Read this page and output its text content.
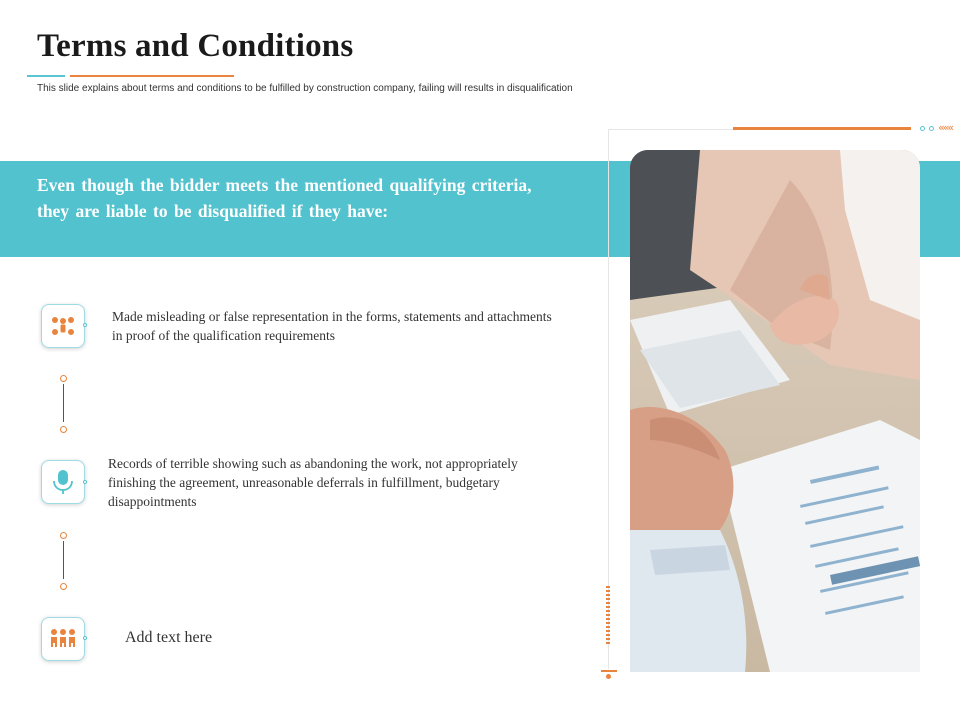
Terms and Conditions
This slide explains about terms and conditions to be fulfilled by construction company, failing will results in disqualification
Even though the bidder meets the mentioned qualifying criteria, they are liable to be disqualified if they have:
«««
Made misleading or false representation in the forms, statements and attachments in proof of the qualification requirements
Records of terrible showing such as abandoning the work, not appropriately finishing the agreement, unreasonable deferrals in fulfillment, budgetary disappointments
Add text here
